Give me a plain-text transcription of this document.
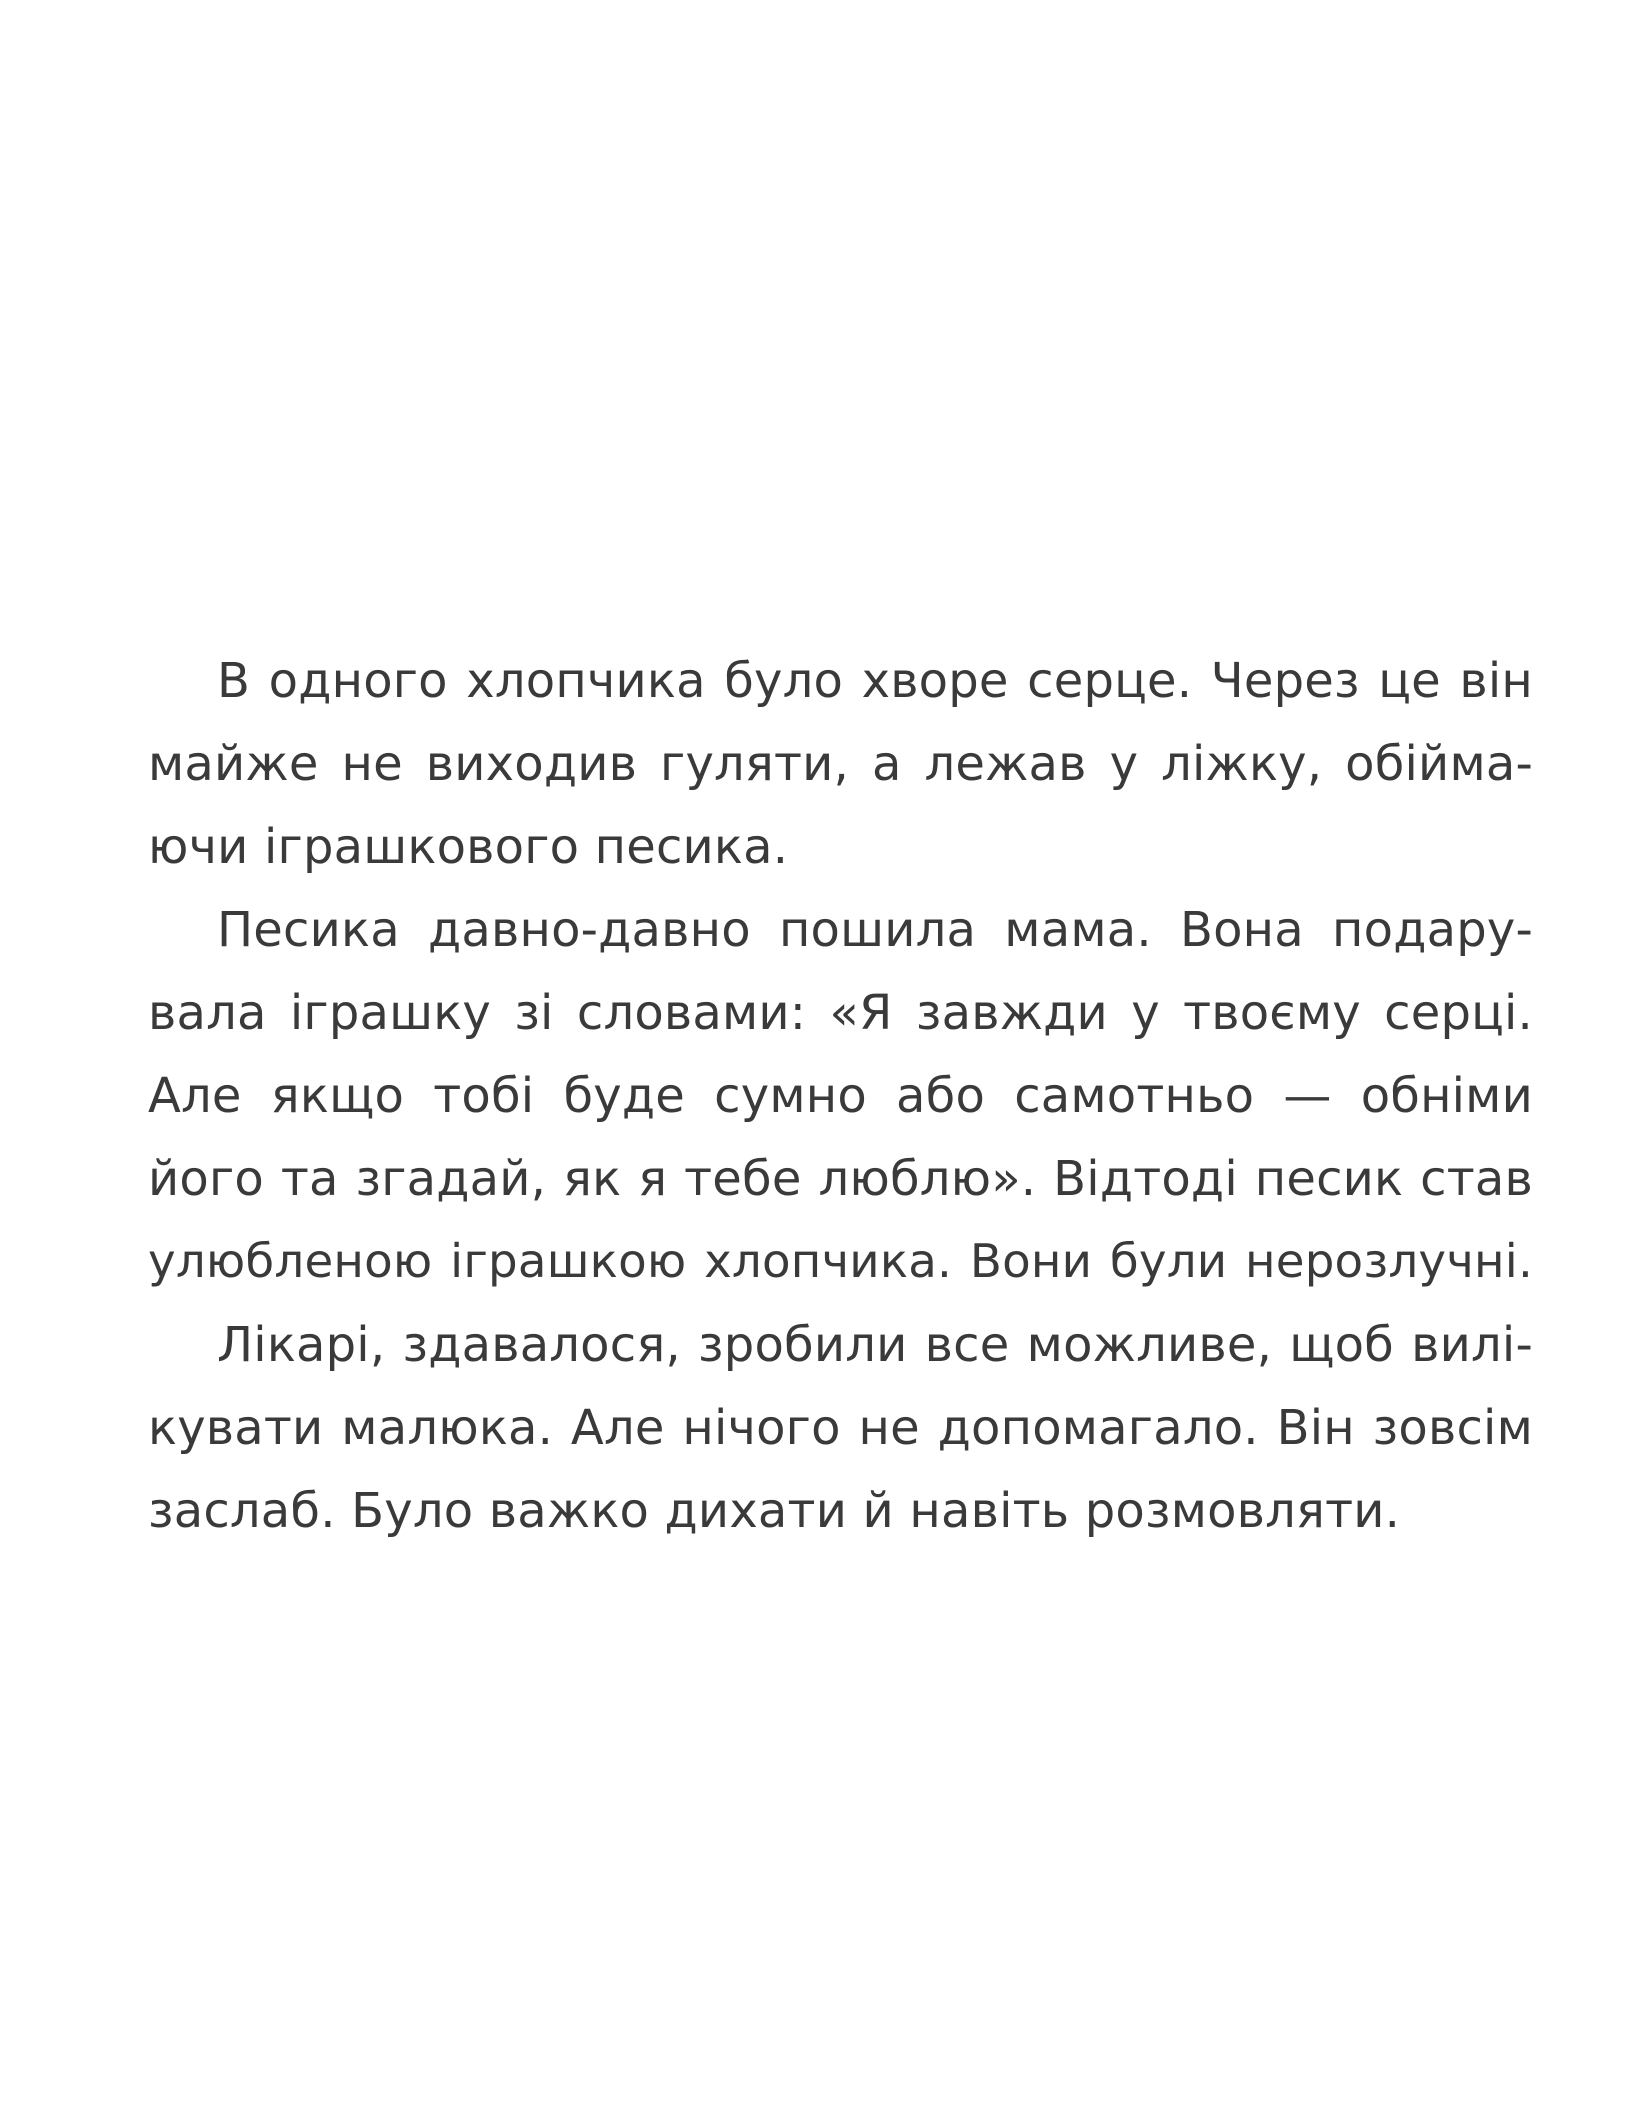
В одного хлопчика було хворе серце. Через це він
майже не виходив гуляти, а лежав у ліжку, обійма-
ючи іграшкового песика.
Песика давно-давно пошила мама. Вона подару-
вала іграшку зі словами: «Я завжди у твоєму серці.
Але якщо тобі буде сумно або самотньо — обніми
його та згадай, як я тебе люблю». Відтоді песик став
улюбленою іграшкою хлопчика. Вони були нерозлучні.
Лікарі, здавалося, зробили все можливе, щоб вилі-
кувати малюка. Але нічого не допомагало. Він зовсім
заслаб. Було важко дихати й навіть розмовляти.
